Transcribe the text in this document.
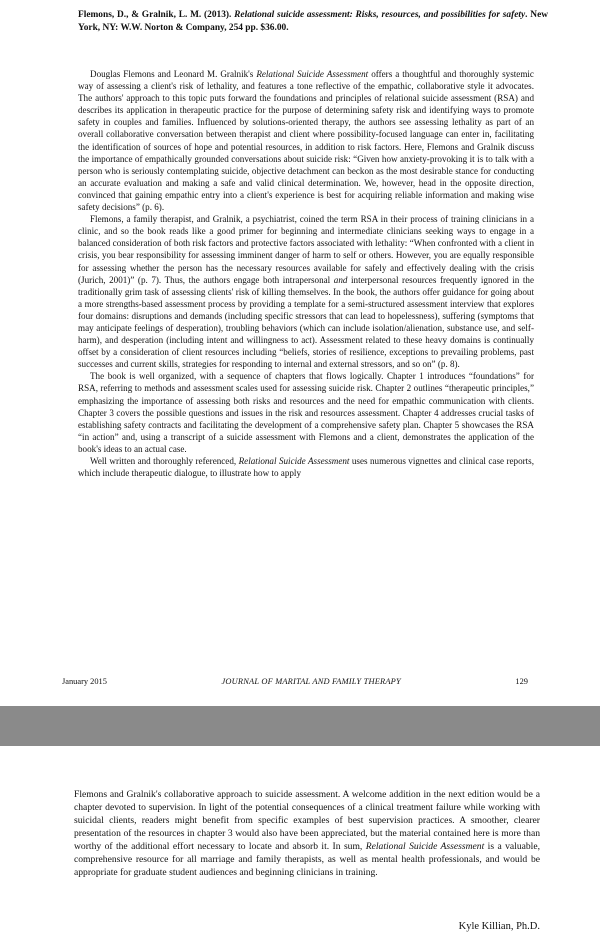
Flemons, D., & Gralnik, L. M. (2013). Relational suicide assessment: Risks, resources, and possibilities for safety. New York, NY: W.W. Norton & Company, 254 pp. $36.00.

Douglas Flemons and Leonard M. Gralnik's Relational Suicide Assessment offers a thoughtful and thoroughly systemic way of assessing a client's risk of lethality, and features a tone reflective of the empathic, collaborative style it advocates. The authors' approach to this topic puts forward the foundations and principles of relational suicide assessment (RSA) and describes its application in therapeutic practice for the purpose of determining safety risk and identifying ways to promote safety in couples and families. Influenced by solutions-oriented therapy, the authors see assessing lethality as part of an overall collaborative conversation between therapist and client where possibility-focused language can enter in, facilitating the identification of sources of hope and potential resources, in addition to risk factors. Here, Flemons and Gralnik discuss the importance of empathically grounded conversations about suicide risk: “Given how anxiety-provoking it is to talk with a person who is seriously contemplating suicide, objective detachment can beckon as the most desirable stance for conducting an accurate evaluation and making a safe and valid clinical determination. We, however, head in the opposite direction, convinced that gaining empathic entry into a client's experience is best for acquiring reliable information and making wise safety decisions” (p. 6).

Flemons, a family therapist, and Gralnik, a psychiatrist, coined the term RSA in their process of training clinicians in a clinic, and so the book reads like a good primer for beginning and intermediate clinicians seeking ways to engage in a balanced consideration of both risk factors and protective factors associated with lethality: “When confronted with a client in crisis, you bear responsibility for assessing imminent danger of harm to self or others. However, you are equally responsible for assessing whether the person has the necessary resources available for safely and effectively dealing with the crisis (Jurich, 2001)” (p. 7). Thus, the authors engage both intrapersonal and interpersonal resources frequently ignored in the traditionally grim task of assessing clients' risk of killing themselves. In the book, the authors offer guidance for going about a more strengths-based assessment process by providing a template for a semi-structured assessment interview that explores four domains: disruptions and demands (including specific stressors that can lead to hopelessness), suffering (symptoms that may anticipate feelings of desperation), troubling behaviors (which can include isolation/alienation, substance use, and self-harm), and desperation (including intent and willingness to act). Assessment related to these heavy domains is continually offset by a consideration of client resources including “beliefs, stories of resilience, exceptions to prevailing problems, past successes and current skills, strategies for responding to internal and external stressors, and so on” (p. 8).

The book is well organized, with a sequence of chapters that flows logically. Chapter 1 introduces “foundations” for RSA, referring to methods and assessment scales used for assessing suicide risk. Chapter 2 outlines “therapeutic principles,” emphasizing the importance of assessing both risks and resources and the need for empathic communication with clients. Chapter 3 covers the possible questions and issues in the risk and resources assessment. Chapter 4 addresses crucial tasks of establishing safety contracts and facilitating the development of a comprehensive safety plan. Chapter 5 showcases the RSA “in action” and, using a transcript of a suicide assessment with Flemons and a client, demonstrates the application of the book's ideas to an actual case.

Well written and thoroughly referenced, Relational Suicide Assessment uses numerous vignettes and clinical case reports, which include therapeutic dialogue, to illustrate how to apply

January 2015	JOURNAL OF MARITAL AND FAMILY THERAPY	129

Flemons and Gralnik's collaborative approach to suicide assessment. A welcome addition in the next edition would be a chapter devoted to supervision. In light of the potential consequences of a clinical treatment failure while working with suicidal clients, readers might benefit from specific examples of best supervision practices. A smoother, clearer presentation of the resources in chapter 3 would also have been appreciated, but the material contained here is more than worthy of the additional effort necessary to locate and absorb it. In sum, Relational Suicide Assessment is a valuable, comprehensive resource for all marriage and family therapists, as well as mental health professionals, and would be appropriate for graduate student audiences and beginning clinicians in training.

Kyle Killian, Ph.D.
